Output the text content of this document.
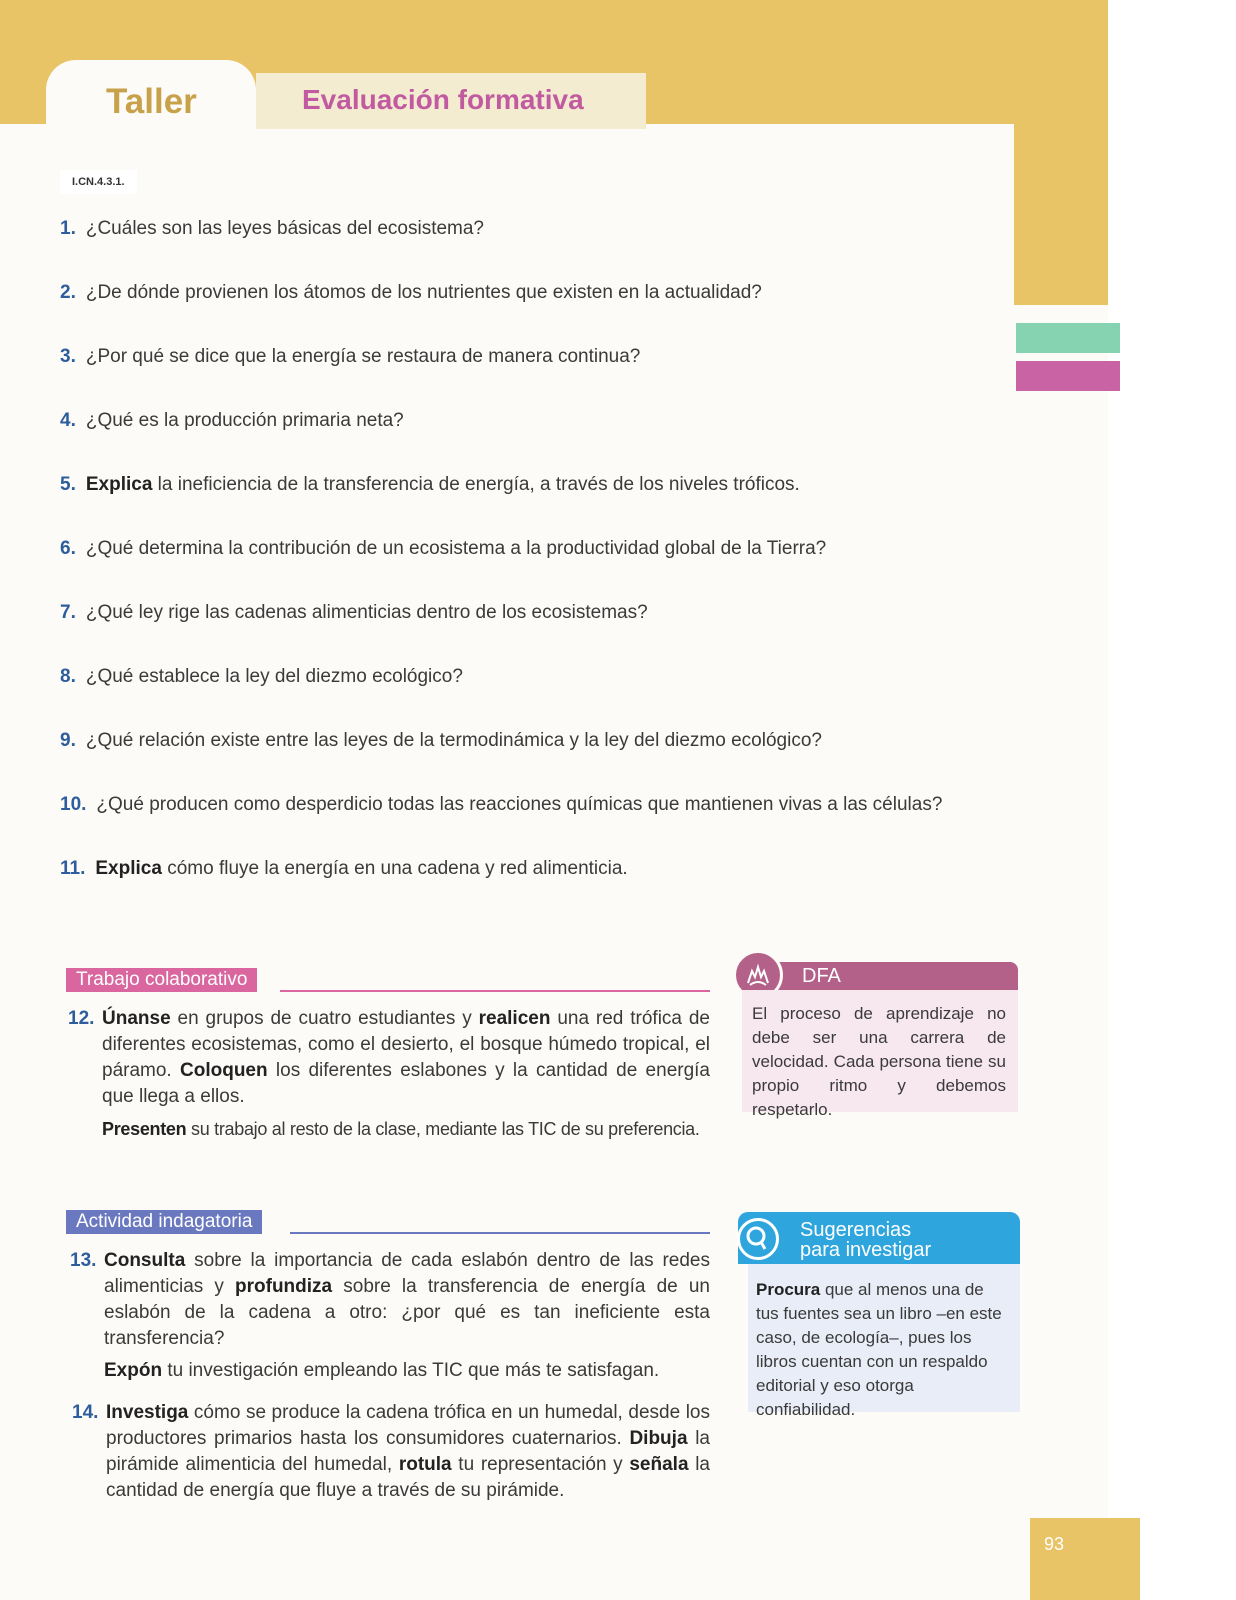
Taller	Evaluación formativa
I.CN.4.3.1.
1. ¿Cuáles son las leyes básicas del ecosistema?
2. ¿De dónde provienen los átomos de los nutrientes que existen en la actualidad?
3. ¿Por qué se dice que la energía se restaura de manera continua?
4. ¿Qué es la producción primaria neta?
5. Explica la ineficiencia de la transferencia de energía, a través de los niveles tróficos.
6. ¿Qué determina la contribución de un ecosistema a la productividad global de la Tierra?
7. ¿Qué ley rige las cadenas alimenticias dentro de los ecosistemas?
8. ¿Qué establece la ley del diezmo ecológico?
9. ¿Qué relación existe entre las leyes de la termodinámica y la ley del diezmo ecológico?
10. ¿Qué producen como desperdicio todas las reacciones químicas que mantienen vivas a las células?
11. Explica cómo fluye la energía en una cadena y red alimenticia.
Trabajo colaborativo
12. Únanse en grupos de cuatro estudiantes y realicen una red trófica de diferentes ecosistemas, como el desierto, el bosque húmedo tropical, el páramo. Coloquen los diferentes eslabones y la cantidad de energía que llega a ellos.

Presenten su trabajo al resto de la clase, mediante las TIC de su preferencia.

Actividad indagatoria
13. Consulta sobre la importancia de cada eslabón dentro de las redes alimenticias y profundiza sobre la transferencia de energía de un eslabón de la cadena a otro: ¿por qué es tan ineficiente esta transferencia?

Expón tu investigación empleando las TIC que más te satisfagan.

14. Investiga cómo se produce la cadena trófica en un humedal, desde los productores primarios hasta los consumidores cuaternarios. Dibuja la pirámide alimenticia del humedal, rotula tu representación y señala la cantidad de energía que fluye a través de su pirámide.

DFA
El proceso de aprendizaje no debe ser una carrera de velocidad. Cada persona tiene su propio ritmo y debemos respetarlo.
Sugerencias
para investigar
Procura que al menos una de tus fuentes sea un libro –en este caso, de ecología–, pues los libros cuentan con un respaldo editorial y eso otorga confiabilidad.
93
